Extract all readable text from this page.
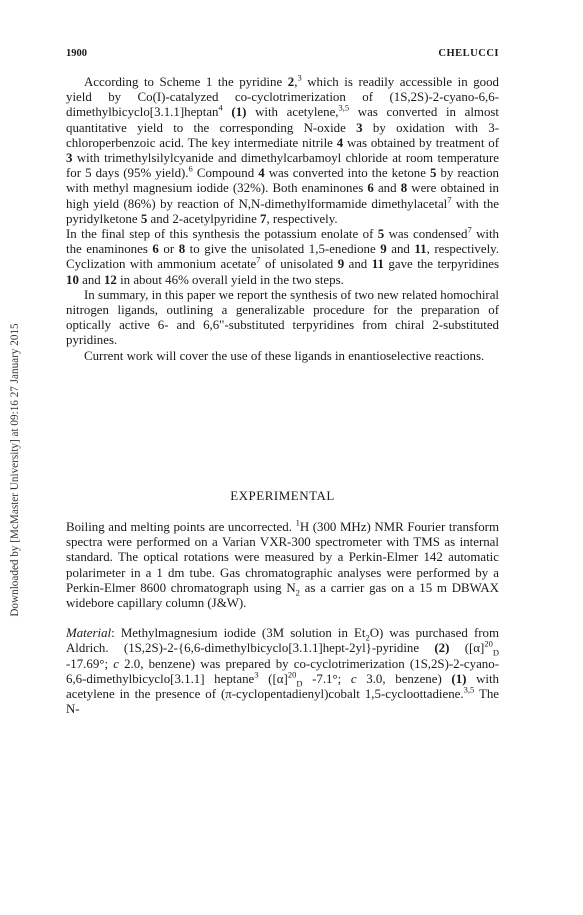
Downloaded by [McMaster University] at 09:16 27 January 2015
1900	CHELUCCI

According to Scheme 1 the pyridine 2,$^3$ which is readily accessible in good yield by Co(I)-catalyzed co-cyclotrimerization of (1S,2S)-2-cyano-6,6-dimethylbicyclo[3.1.1]heptan$^4$ (1) with acetylene,$^{3,5}$ was converted in almost quantitative yield to the corresponding N-oxide 3 by oxidation with 3-chloroperbenzoic acid. The key intermediate nitrile 4 was obtained by treatment of 3 with trimethylsilylcyanide and dimethylcarbamoyl chloride at room temperature for 5 days (95% yield).$^6$ Compound 4 was converted into the ketone 5 by reaction with methyl magnesium iodide (32%). Both enaminones 6 and 8 were obtained in high yield (86%) by reaction of N,N-dimethylformamide dimethylacetal$^7$ with the pyridylketone 5 and 2-acetylpyridine 7, respectively.

In the final step of this synthesis the potassium enolate of 5 was condensed$^7$ with the enaminones 6 or 8 to give the unisolated 1,5-enedione 9 and 11, respectively. Cyclization with ammonium acetate$^7$ of unisolated 9 and 11 gave the terpyridines 10 and 12 in about 46% overall yield in the two steps.

In summary, in this paper we report the synthesis of two new related homochiral nitrogen ligands, outlining a generalizable procedure for the preparation of optically active 6- and 6,6"-substituted terpyridines from chiral 2-substituted pyridines.

Current work will cover the use of these ligands in enantioselective reactions.

EXPERIMENTAL

Boiling and melting points are uncorrected. $^1$H (300 MHz) NMR Fourier transform spectra were performed on a Varian VXR-300 spectrometer with TMS as internal standard. The optical rotations were measured by a Perkin-Elmer 142 automatic polarimeter in a 1 dm tube. Gas chromatographic analyses were performed by a Perkin-Elmer 8600 chromatograph using $N_2$ as a carrier gas on a 15 m DBWAX widebore capillary column (J&W).

Material: Methylmagnesium iodide (3M solution in $Et_2O$) was purchased from Aldrich. (1S,2S)-2-{6,6-dimethylbicyclo[3.1.1]hept-2yl}-pyridine (2) ($[\alpha]^{20}_D$ -17.69°; c 2.0, benzene) was prepared by co-cyclotrimerization (1S,2S)-2-cyano-6,6-dimethylbicyclo[3.1.1] heptane$^3$ ($[\alpha]^{20}_D$ -7.1°; c 3.0, benzene) (1) with acetylene in the presence of (π-cyclopentadienyl)cobalt 1,5-cycloottadiene.$^{3,5}$ The N-
